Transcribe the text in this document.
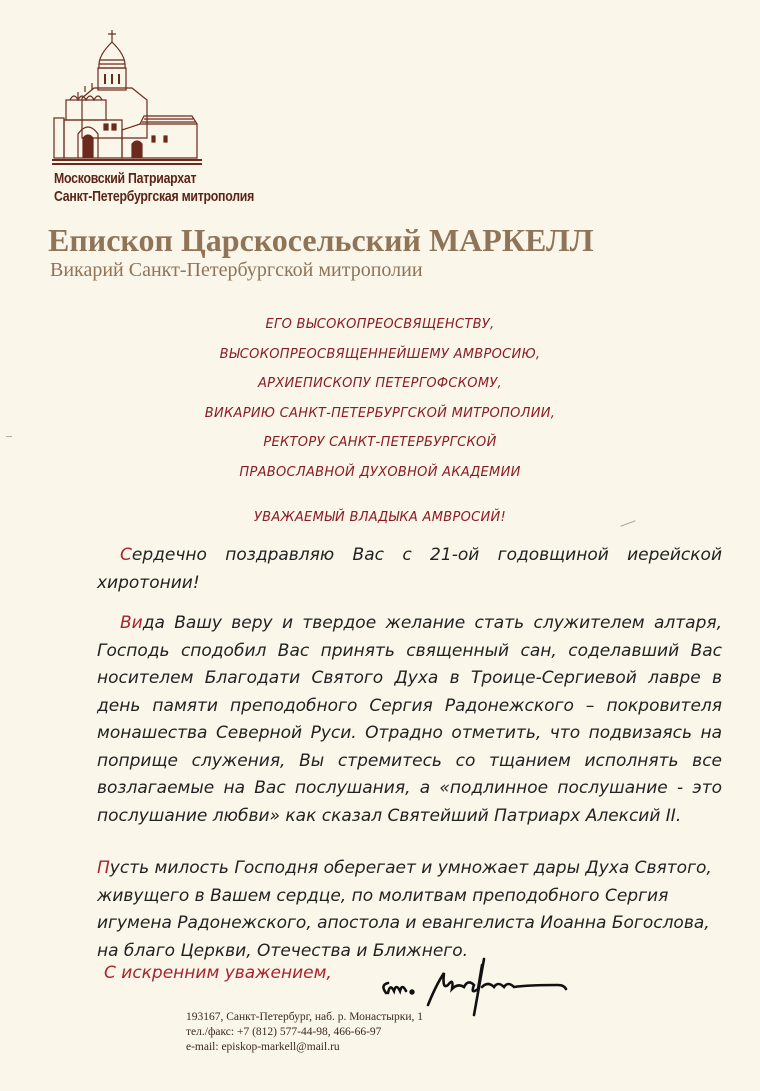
Московский Патриархат
Санкт-Петербургская митрополия
Епископ Царскосельский МАРКЕЛЛ
Викарий Санкт-Петербургской митрополии
ЕГО ВЫСОКОПРЕОСВЯЩЕНСТВУ,
ВЫСОКОПРЕОСВЯЩЕННЕЙШЕМУ АМВРОСИЮ,
АРХИЕПИСКОПУ ПЕТЕРГОФСКОМУ,
ВИКАРИЮ САНКТ-ПЕТЕРБУРГСКОЙ МИТРОПОЛИИ,
РЕКТОРУ САНКТ-ПЕТЕРБУРГСКОЙ
ПРАВОСЛАВНОЙ ДУХОВНОЙ АКАДЕМИИ
УВАЖАЕМЫЙ ВЛАДЫКА АМВРОСИЙ!
Сердечно поздравляю Вас с 21-ой годовщиной иерейской хиротонии!
Вида Вашу веру и твердое желание стать служителем алтаря, Господь сподобил Вас принять священный сан, соделавший Вас носителем Благодати Святого Духа в Троице-Сергиевой лавре в день памяти преподобного Сергия Радонежского – покровителя монашества Северной Руси. Отрадно отметить, что подвизаясь на поприще служения, Вы стремитесь со тщанием исполнять все возлагаемые на Вас послушания, а «подлинное послушание - это послушание любви» как сказал Святейший Патриарх Алексий II.
Пусть милость Господня оберегает и умножает дары Духа Святого, живущего в Вашем сердце, по молитвам преподобного Сергия игумена Радонежского, апостола и евангелиста Иоанна Богослова, на благо Церкви, Отечества и Ближнего.
С искренним уважением,
193167, Санкт-Петербург, наб. р. Монастырки, 1
тел./факс: +7 (812) 577-44-98, 466-66-97
e-mail: episkop-markell@mail.ru
